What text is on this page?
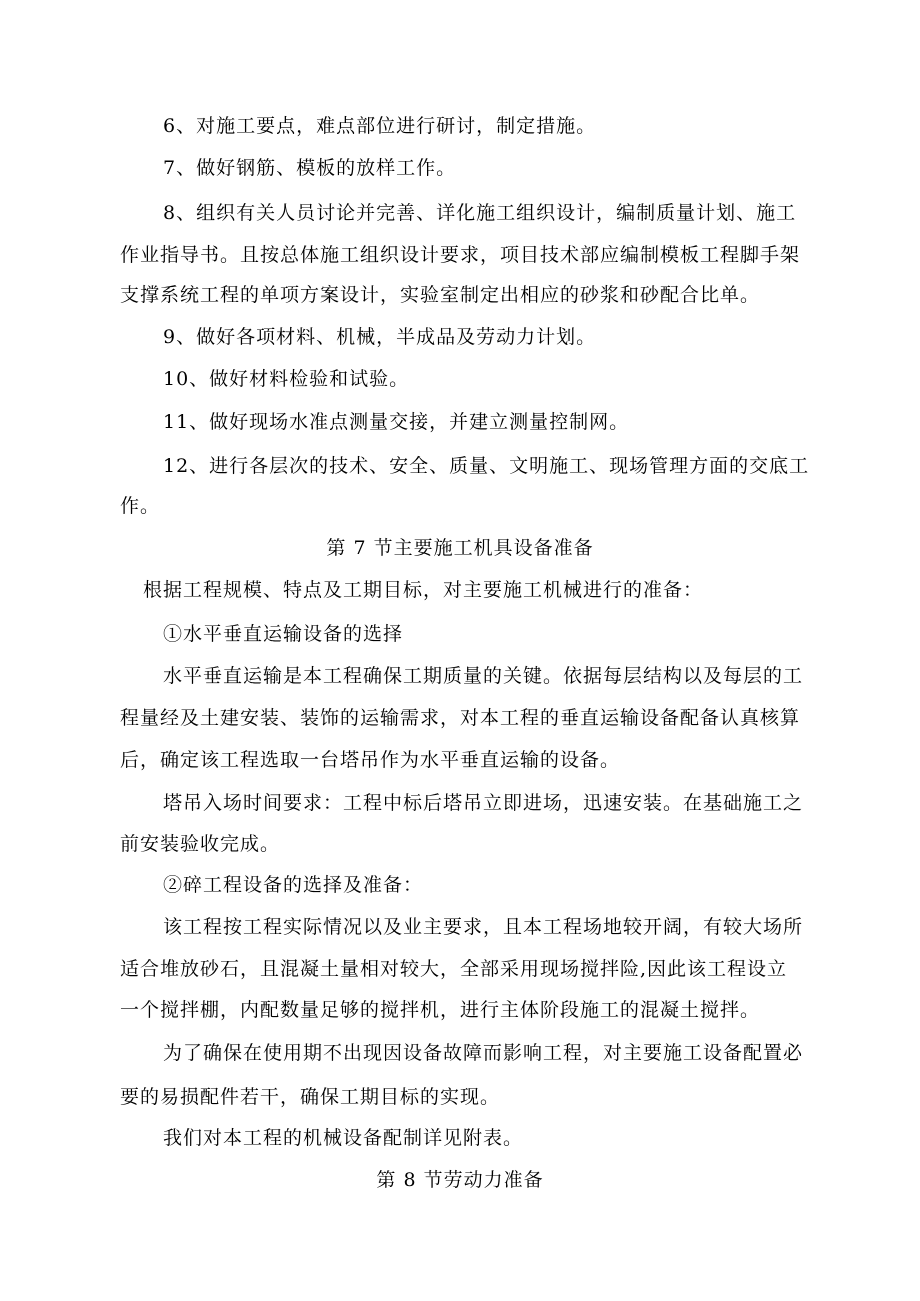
6、对施工要点，难点部位进行研讨，制定措施。
7、做好钢筋、模板的放样工作。
8、组织有关人员讨论并完善、详化施工组织设计，编制质量计划、施工
作业指导书。且按总体施工组织设计要求，项目技术部应编制模板工程脚手架
支撑系统工程的单项方案设计，实验室制定出相应的砂浆和砂配合比单。
9、做好各项材料、机械，半成品及劳动力计划。
10、做好材料检验和试验。
11、做好现场水准点测量交接，并建立测量控制网。
12、进行各层次的技术、安全、质量、文明施工、现场管理方面的交底工
作。
第 7 节主要施工机具设备准备
根据工程规模、特点及工期目标，对主要施工机械进行的准备：
①水平垂直运输设备的选择
水平垂直运输是本工程确保工期质量的关键。依据每层结构以及每层的工
程量经及土建安装、装饰的运输需求，对本工程的垂直运输设备配备认真核算
后，确定该工程选取一台塔吊作为水平垂直运输的设备。
塔吊入场时间要求：工程中标后塔吊立即进场，迅速安装。在基础施工之
前安装验收完成。
②碎工程设备的选择及准备：
该工程按工程实际情况以及业主要求，且本工程场地较开阔，有较大场所
适合堆放砂石，且混凝土量相对较大，全部采用现场搅拌险,因此该工程设立
一个搅拌棚，内配数量足够的搅拌机，进行主体阶段施工的混凝土搅拌。
为了确保在使用期不出现因设备故障而影响工程，对主要施工设备配置必
要的易损配件若干，确保工期目标的实现。
我们对本工程的机械设备配制详见附表。
第 8 节劳动力准备
